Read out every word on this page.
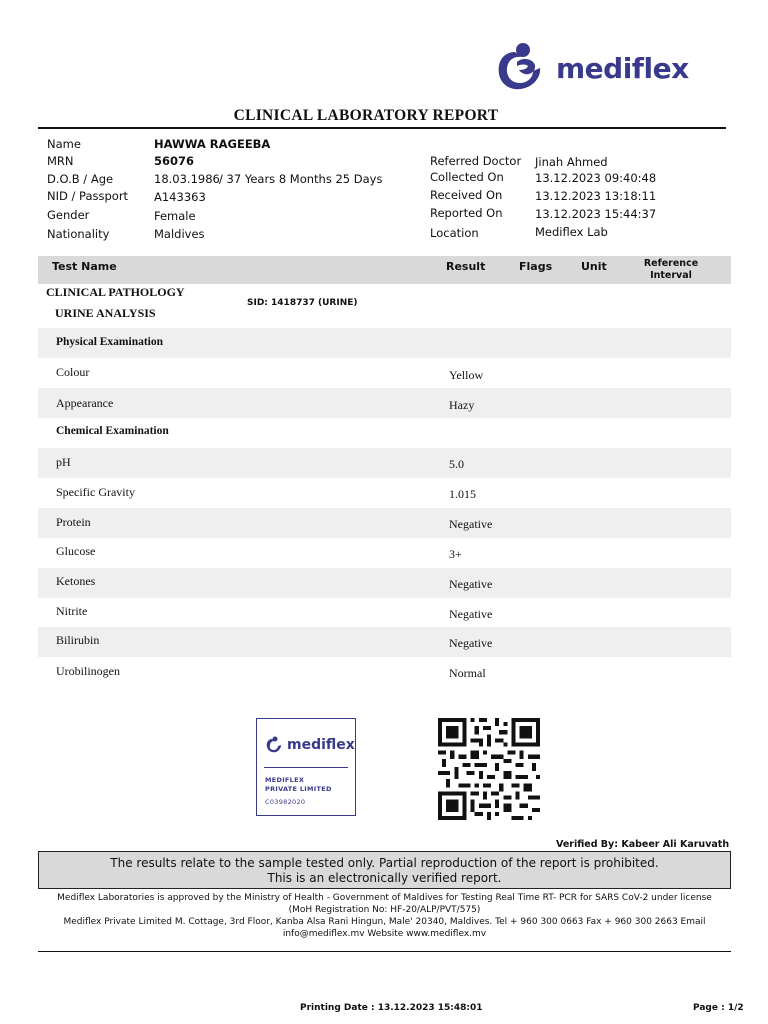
mediflex
CLINICAL LABORATORY REPORT
Name	HAWWA RAGEEBA
MRN	56076
D.O.B / Age	18.03.1986 / 37 Years 8 Months 25 Days
NID / Passport A143363
Gender	Female
Nationality	Maldives
Referred Doctor Jinah Ahmed
Collected On	13.12.2023 09:40:48
Received On	13.12.2023 13:18:11
Reported On	13.12.2023 15:44:37
Location	Mediflex Lab
Test Name	Result	Flags	Unit	Reference
Interval
CLINICAL PATHOLOGY
SID: 1418737 (URINE)
URINE ANALYSIS
Physical Examination
Colour	Yellow
Appearance	Hazy
Chemical Examination
pH	5.0
Specific Gravity	1.015
Protein	Negative
Glucose	3+
Ketones	Negative
Nitrite	Negative
Bilirubin	Negative
Urobilinogen	Normal
mediflex
MEDIFLEX
PRIVATE LIMITED
C03982020
Verified By: Kabeer Ali Karuvath
The results relate to the sample tested only. Partial reproduction of the report is prohibited.
This is an electronically verified report.
Mediflex Laboratories is approved by the Ministry of Health - Government of Maldives for Testing Real Time RT- PCR for SARS CoV-2 under license
(MoH Registration No: HF-20/ALP/PVT/575)
Mediflex Private Limited M. Cottage, 3rd Floor, Kanba Alsa Rani Hingun, Male' 20340, Maldives. Tel + 960 300 0663 Fax + 960 300 2663 Email
info@mediflex.mv Website www.mediflex.mv
Printing Date : 13.12.2023 15:48:01	Page : 1/2
